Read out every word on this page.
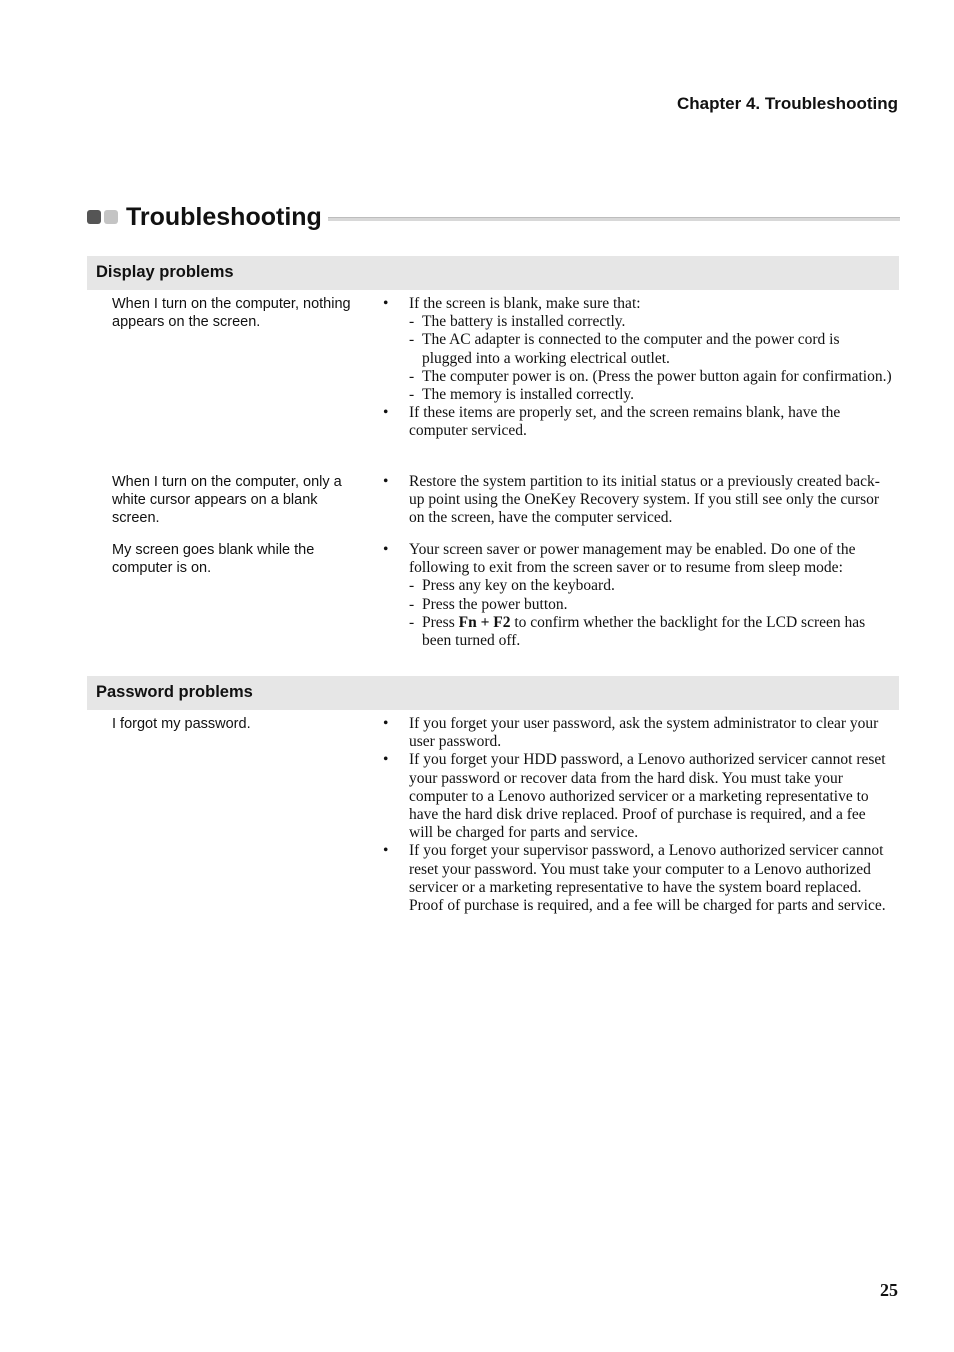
Chapter 4. Troubleshooting
Troubleshooting
Display problems
When I turn on the computer, nothing appears on the screen.
•	If the screen is blank, make sure that:
- The battery is installed correctly.
- The AC adapter is connected to the computer and the power cord is plugged into a working electrical outlet.
- The computer power is on. (Press the power button again for confirmation.)
- The memory is installed correctly.
•	If these items are properly set, and the screen remains blank, have the computer serviced.
When I turn on the computer, only a white cursor appears on a blank screen.
•	Restore the system partition to its initial status or a previously created back-up point using the OneKey Recovery system. If you still see only the cursor on the screen, have the computer serviced.
My screen goes blank while the computer is on.
•	Your screen saver or power management may be enabled. Do one of the following to exit from the screen saver or to resume from sleep mode:
- Press any key on the keyboard.
- Press the power button.
- Press Fn + F2 to confirm whether the backlight for the LCD screen has been turned off.
Password problems
I forgot my password.	•	If you forget your user password, ask the system administrator to clear your user password.
•	If you forget your HDD password, a Lenovo authorized servicer cannot reset your password or recover data from the hard disk. You must take your computer to a Lenovo authorized servicer or a marketing representative to have the hard disk drive replaced. Proof of purchase is required, and a fee will be charged for parts and service.
•	If you forget your supervisor password, a Lenovo authorized servicer cannot reset your password. You must take your computer to a Lenovo authorized servicer or a marketing representative to have the system board replaced. Proof of purchase is required, and a fee will be charged for parts and service.
25
